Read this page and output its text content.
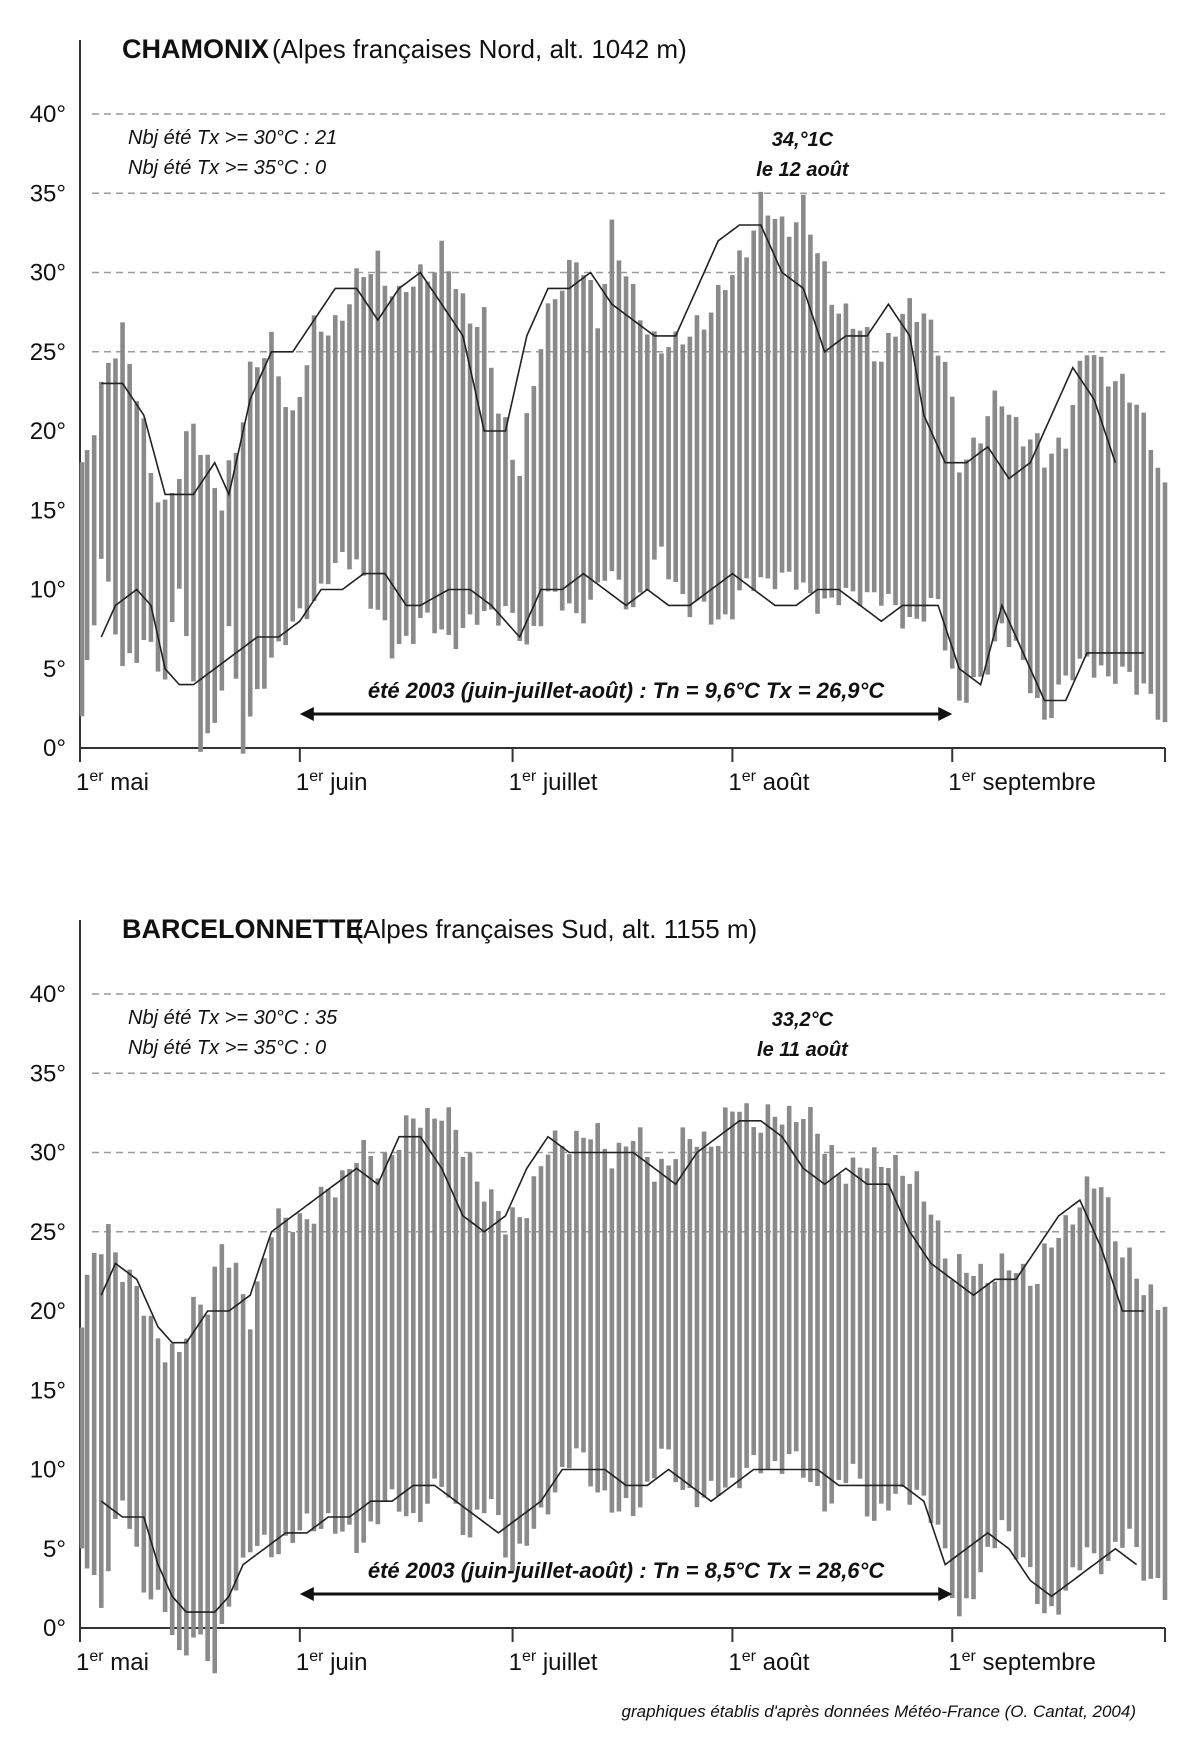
0°
5°
10°
15°
20°
25°
30°
35°
40°
1er mai	1er juin	1er juillet	1er août	1er septembre
CHAMONIX (Alpes françaises Nord, alt. 1042 m)
Nbj été Tx >= 30°C : 21
Nbj été Tx >= 35°C : 0
34,°1C
le 12 août
été 2003 (juin-juillet-août) : Tn = 9,6°C Tx = 26,9°C
0°
5°
10°
15°
20°
25°
30°
35°
40°
1er mai	1er juin	1er juillet	1er août	1er septembre
BARCELONNETTE
(Alpes françaises Sud, alt. 1155 m)
Nbj été Tx >= 30°C : 35
Nbj été Tx >= 35°C : 0
33,2°C
le 11 août
été 2003 (juin-juillet-août) : Tn = 8,5°C Tx = 28,6°C
graphiques établis d'après données Météo-France (O. Cantat, 2004)
